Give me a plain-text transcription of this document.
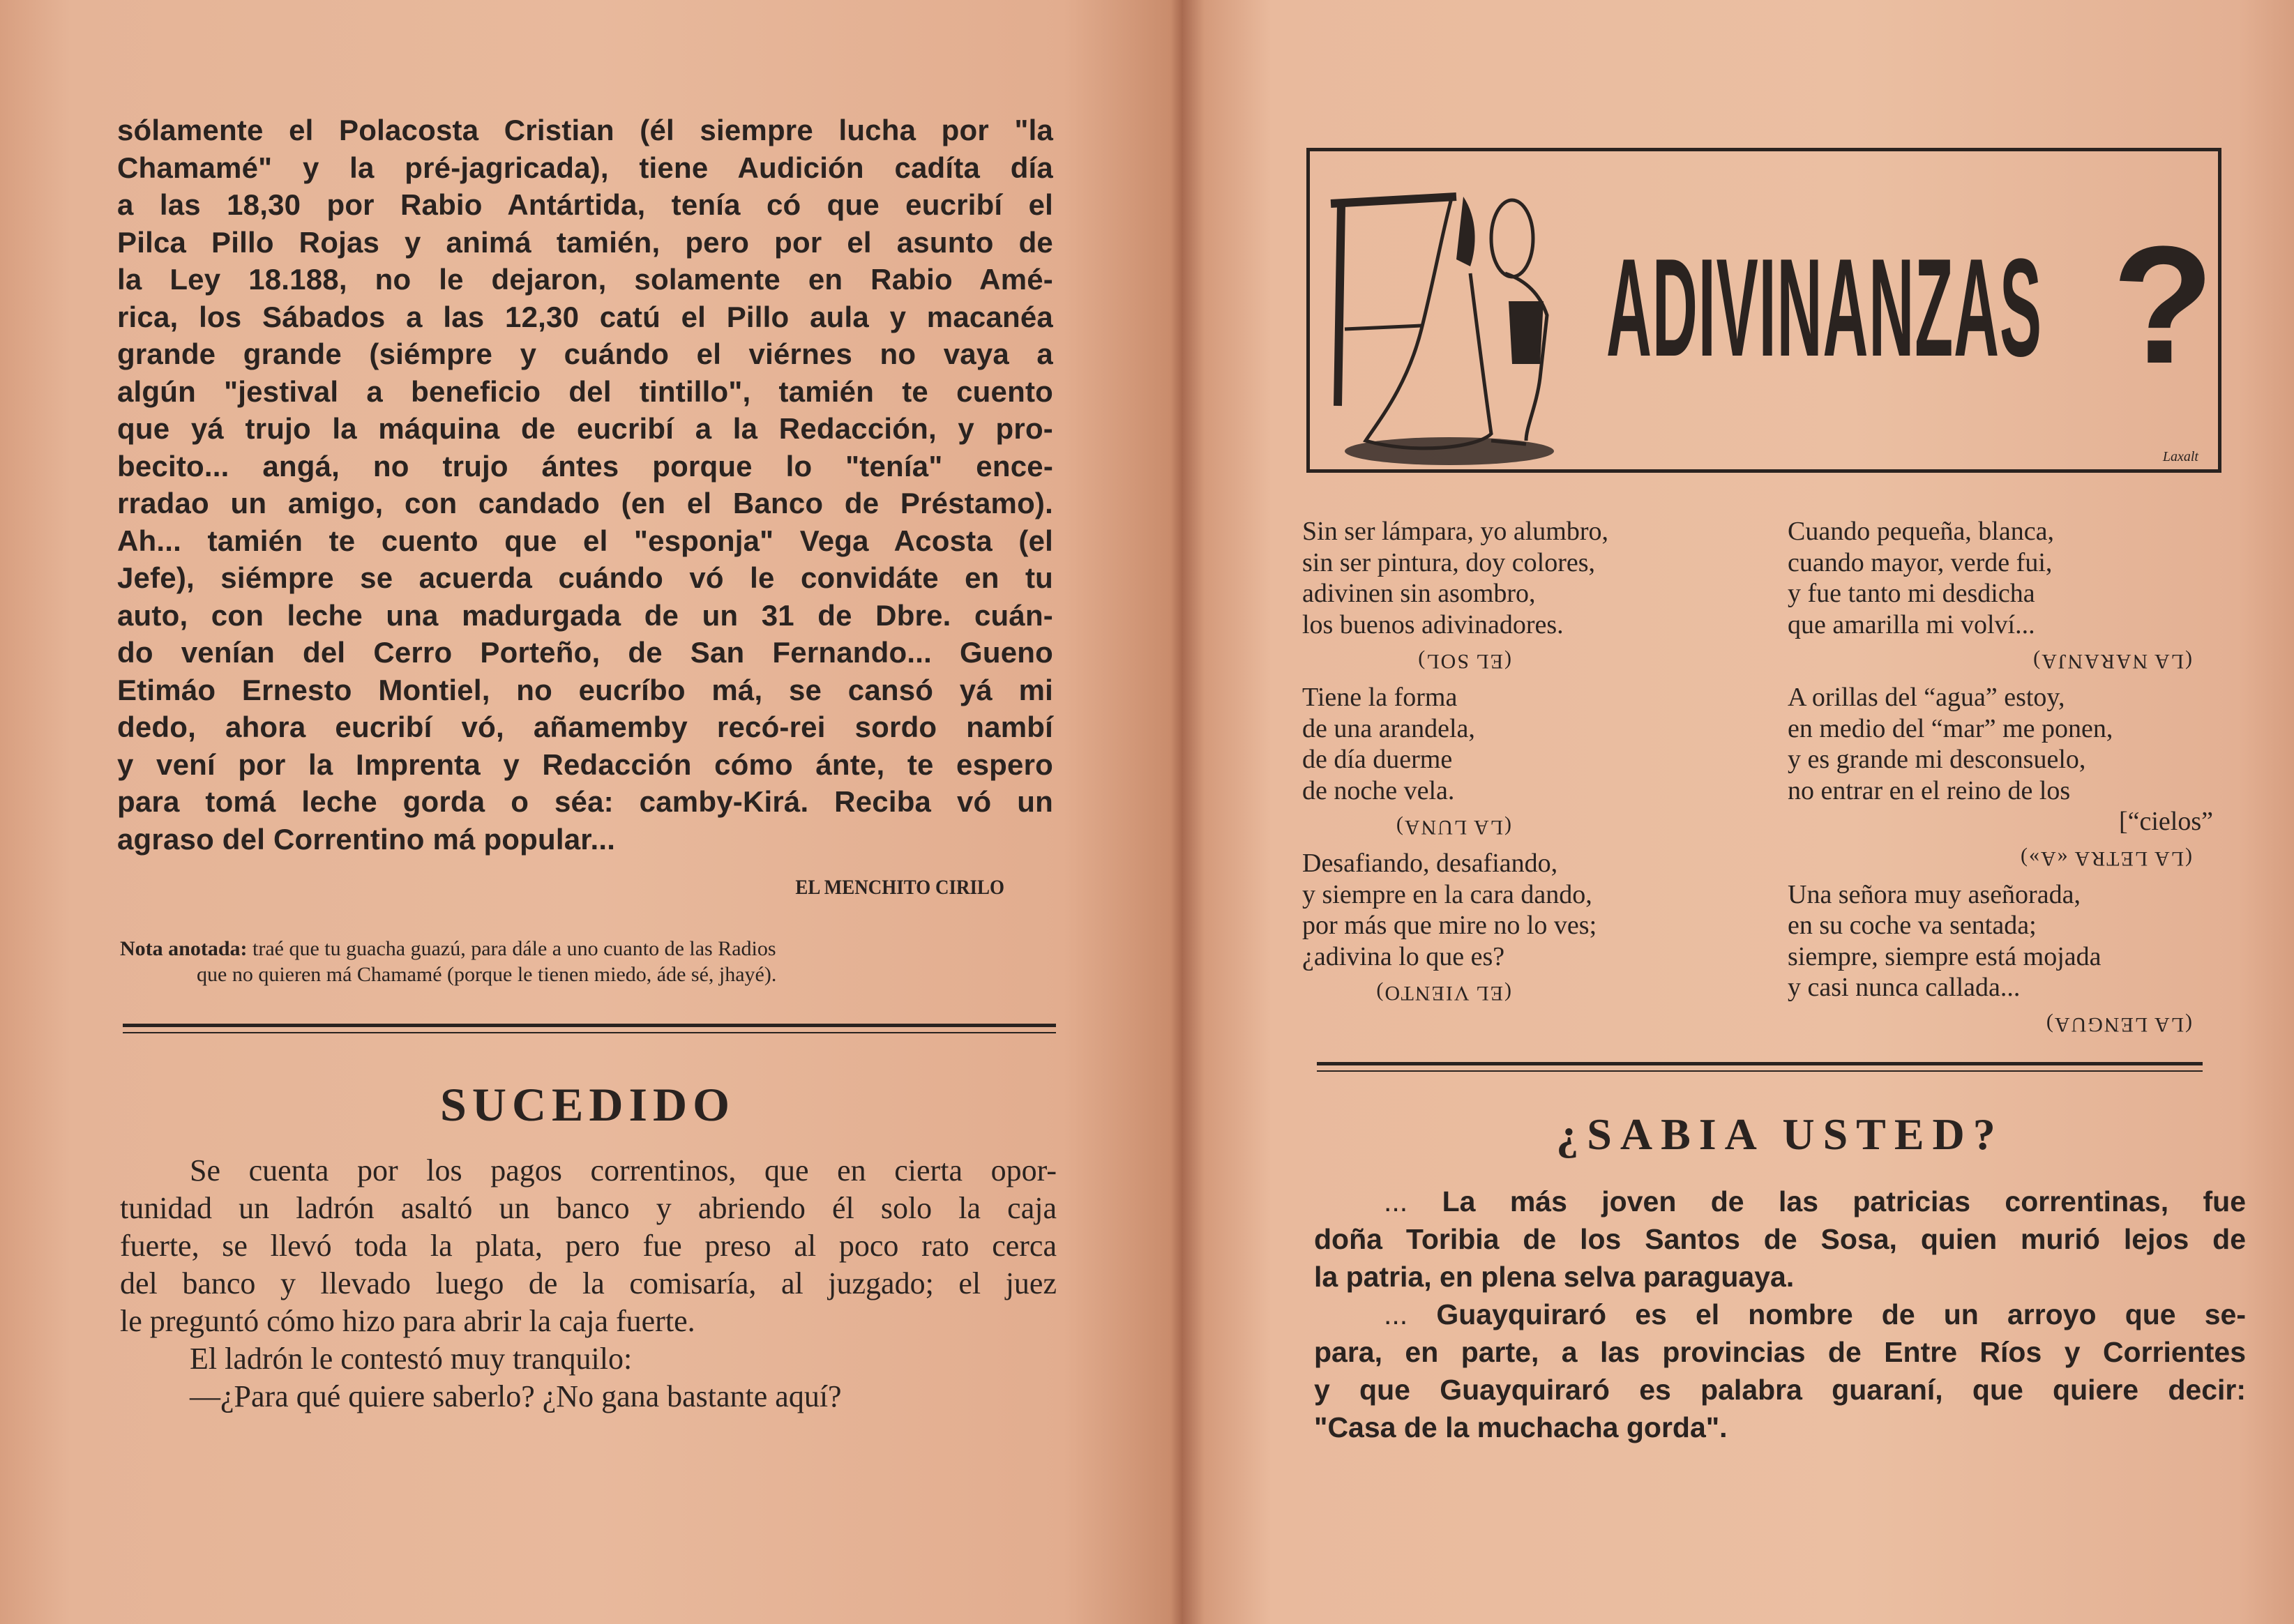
sólamente el Polacosta Cristian (él siempre lucha por "la
Chamamé" y la pré-jagricada), tiene Audición cadíta día
a las 18,30 por Rabio Antártida, tenía có que eucribí el
Pilca Pillo Rojas y animá tamién, pero por el asunto de
la Ley 18.188, no le dejaron, solamente en Rabio Amé-
rica, los Sábados a las 12,30 catú el Pillo aula y macanéa
grande grande (siémpre y cuándo el viérnes no vaya a
algún "jestival a beneficio del tintillo", tamién te cuento
que yá trujo la máquina de eucribí a la Redacción, y pro-
becito... angá, no trujo ántes porque lo "tenía" ence-
rradao un amigo, con candado (en el Banco de Préstamo).
Ah... tamién te cuento que el "esponja" Vega Acosta (el
Jefe), siémpre se acuerda cuándo vó le convidáte en tu
auto, con leche una madurgada de un 31 de Dbre. cuán-
do venían del Cerro Porteño, de San Fernando... Gueno
Etimáo Ernesto Montiel, no eucríbo má, se cansó yá mi
dedo, ahora eucribí vó, añamemby recó-rei sordo nambí
y vení por la Imprenta y Redacción cómo ánte, te espero
para tomá leche gorda o séa: camby-Kirá. Reciba vó un
agraso del Correntino má popular...
EL MENCHITO CIRILO
Nota anotada: traé que tu guacha guazú, para dále a uno cuanto de las Radios
que no quieren má Chamamé (porque le tienen miedo, áde sé, jhayé).
SUCEDIDO
Se cuenta por los pagos correntinos, que en cierta opor-
tunidad un ladrón asaltó un banco y abriendo él solo la caja
fuerte, se llevó toda la plata, pero fue preso al poco rato cerca
del banco y llevado luego de la comisaría, al juzgado; el juez
le preguntó cómo hizo para abrir la caja fuerte.
El ladrón le contestó muy tranquilo:
—¿Para qué quiere saberlo? ¿No gana bastante aquí?
ADIVINANZAS ?
Laxalt
Sin ser lámpara, yo alumbro,
sin ser pintura, doy colores,
adivinen sin asombro,
los buenos adivinadores.
(EL SOL)
Tiene la forma
de una arandela,
de día duerme
de noche vela.
(LA LUNA)
Desafiando, desafiando,
y siempre en la cara dando,
por más que mire no lo ves;
¿adivina lo que es?
(EL VIENTO)
Cuando pequeña, blanca,
cuando mayor, verde fui,
y fue tanto mi desdicha
que amarilla mi volví...
(LA NARANJA)
A orillas del “agua” estoy,
en medio del “mar” me ponen,
y es grande mi desconsuelo,
no entrar en el reino de los
[“cielos”
(LA LETRA «A»)
Una señora muy aseñorada,
en su coche va sentada;
siempre, siempre está mojada
y casi nunca callada...
(LA LENGUA)
¿SABIA USTED?
... La más joven de las patricias correntinas, fue
doña Toribia de los Santos de Sosa, quien murió lejos de
la patria, en plena selva paraguaya.
... Guayquiraró es el nombre de un arroyo que se-
para, en parte, a las provincias de Entre Ríos y Corrientes
y que Guayquiraró es palabra guaraní, que quiere decir:
"Casa de la muchacha gorda".
